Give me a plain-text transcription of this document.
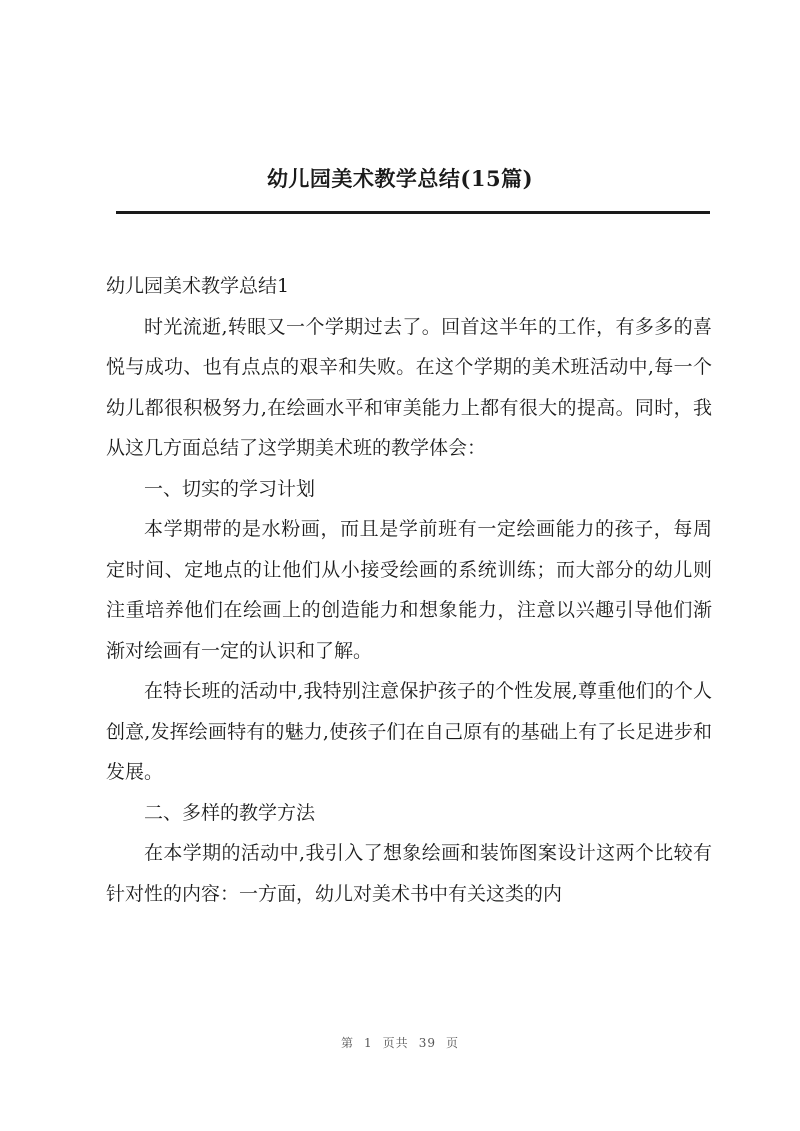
幼儿园美术教学总结(15篇)

幼儿园美术教学总结1

时光流逝,转眼又一个学期过去了。回首这半年的工作，有多多的喜悦与成功、也有点点的艰辛和失败。在这个学期的美术班活动中,每一个幼儿都很积极努力,在绘画水平和审美能力上都有很大的提高。同时，我从这几方面总结了这学期美术班的教学体会：

一、切实的学习计划

本学期带的是水粉画，而且是学前班有一定绘画能力的孩子，每周定时间、定地点的让他们从小接受绘画的系统训练；而大部分的幼儿则注重培养他们在绘画上的创造能力和想象能力，注意以兴趣引导他们渐渐对绘画有一定的认识和了解。

在特长班的活动中,我特别注意保护孩子的个性发展,尊重他们的个人创意,发挥绘画特有的魅力,使孩子们在自己原有的基础上有了长足进步和发展。

二、多样的教学方法

在本学期的活动中,我引入了想象绘画和装饰图案设计这两个比较有针对性的内容：一方面，幼儿对美术书中有关这类的内

第 1 页共 39 页
